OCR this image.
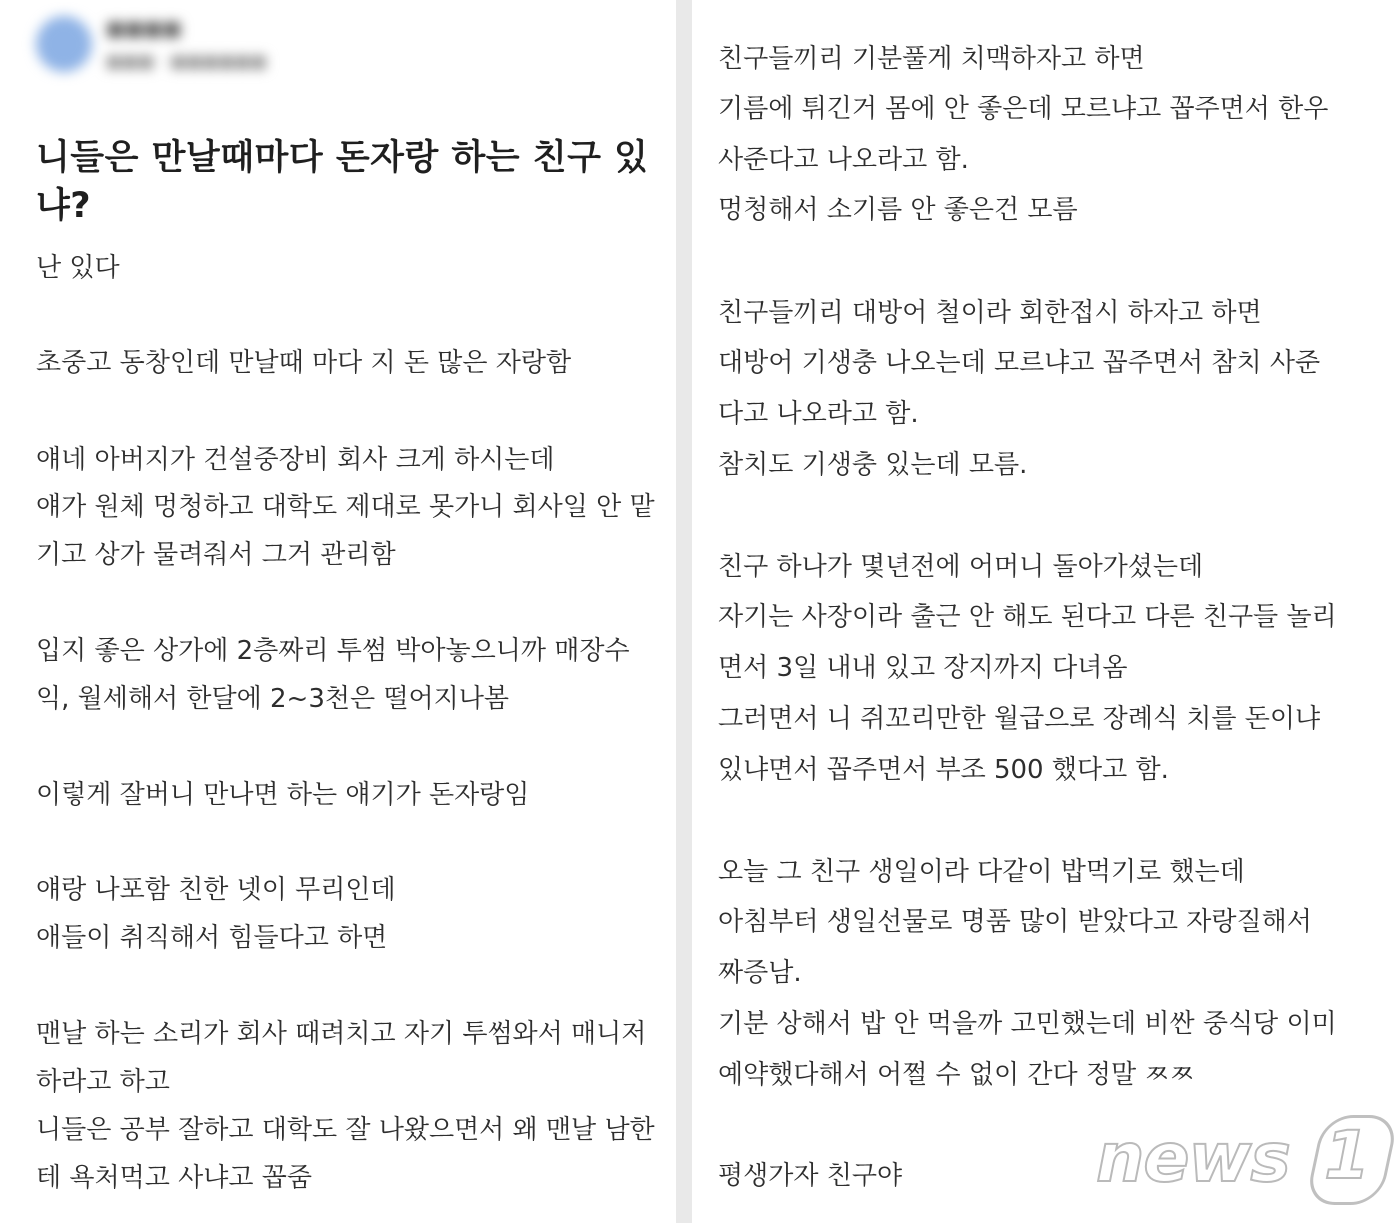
■■■■
■■■ · ■■■■■■
니들은 만날때마다 돈자랑 하는 친구 있냐?

난 있다

초중고 동창인데 만날때 마다 지 돈 많은 자랑함

얘네 아버지가 건설중장비 회사 크게 하시는데

얘가 원체 멍청하고 대학도 제대로 못가니 회사일 안 맡

기고 상가 물려줘서 그거 관리함

입지 좋은 상가에 2층짜리 투썸 박아놓으니까 매장수

익, 월세해서 한달에 2~3천은 떨어지나봄

이렇게 잘버니 만나면 하는 얘기가 돈자랑임

얘랑 나포함 친한 넷이 무리인데

애들이 취직해서 힘들다고 하면

맨날 하는 소리가 회사 때려치고 자기 투썸와서 매니저

하라고 하고

니들은 공부 잘하고 대학도 잘 나왔으면서 왜 맨날 남한

테 욕처먹고 사냐고 꼽줌

친구들끼리 기분풀게 치맥하자고 하면

기름에 튀긴거 몸에 안 좋은데 모르냐고 꼽주면서 한우

사준다고 나오라고 함.

멍청해서 소기름 안 좋은건 모름

친구들끼리 대방어 철이라 회한접시 하자고 하면

대방어 기생충 나오는데 모르냐고 꼽주면서 참치 사준

다고 나오라고 함.

참치도 기생충 있는데 모름.

친구 하나가 몇년전에 어머니 돌아가셨는데

자기는 사장이라 출근 안 해도 된다고 다른 친구들 놀리

면서 3일 내내 있고 장지까지 다녀옴

그러면서 니 쥐꼬리만한 월급으로 장례식 치를 돈이냐

있냐면서 꼽주면서 부조 500 했다고 함.

오늘 그 친구 생일이라 다같이 밥먹기로 했는데

아침부터 생일선물로 명품 많이 받았다고 자랑질해서

짜증남.

기분 상해서 밥 안 먹을까 고민했는데 비싼 중식당 이미

예약했다해서 어쩔 수 없이 간다 정말 ㅉㅉ

평생가자 친구야	news 1
